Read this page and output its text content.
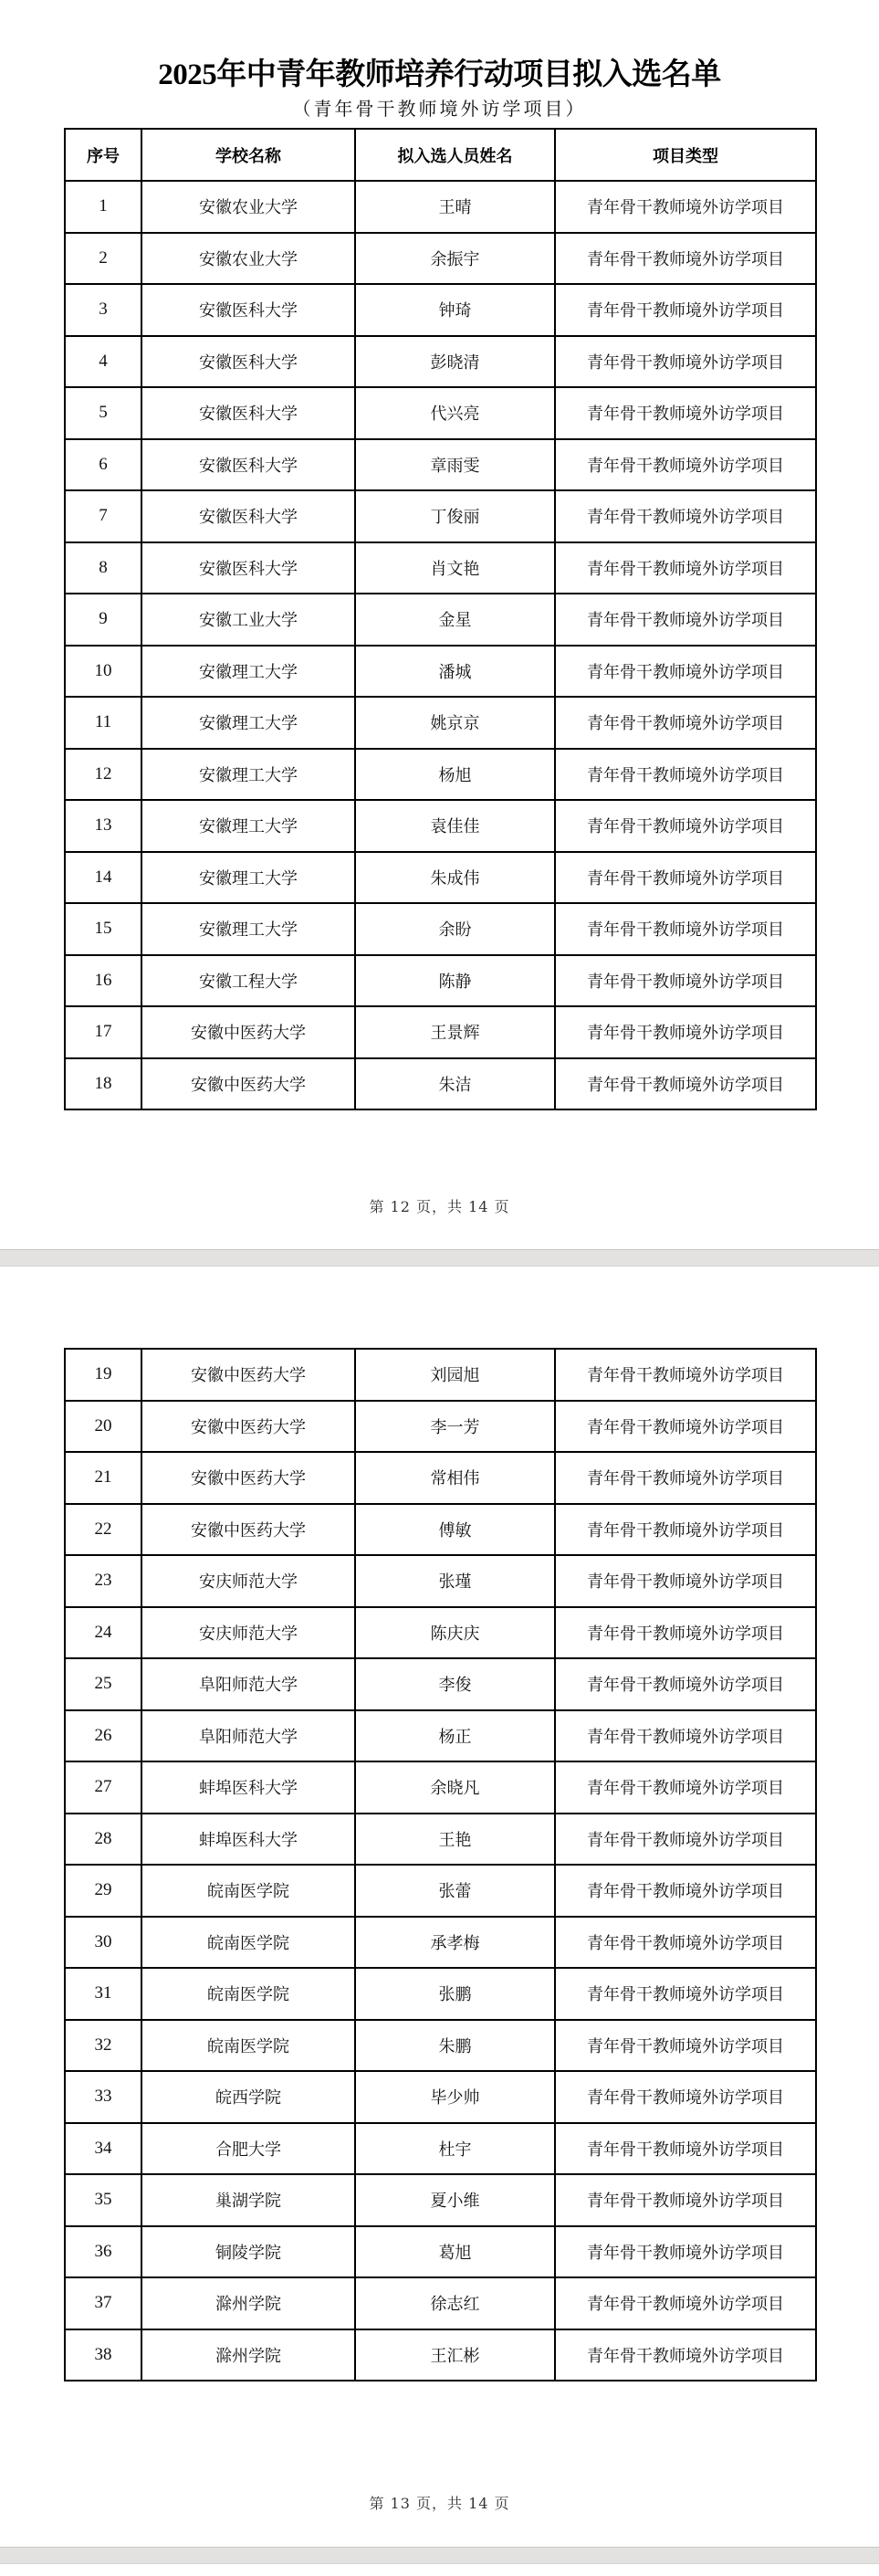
2025年中青年教师培养行动项目拟入选名单
（青年骨干教师境外访学项目）
序号	学校名称	拟入选人员姓名	项目类型
1	安徽农业大学	王晴	青年骨干教师境外访学项目
2	安徽农业大学	余振宇	青年骨干教师境外访学项目
3	安徽医科大学	钟琦	青年骨干教师境外访学项目
4	安徽医科大学	彭晓清	青年骨干教师境外访学项目
5	安徽医科大学	代兴亮	青年骨干教师境外访学项目
6	安徽医科大学	章雨雯	青年骨干教师境外访学项目
7	安徽医科大学	丁俊丽	青年骨干教师境外访学项目
8	安徽医科大学	肖文艳	青年骨干教师境外访学项目
9	安徽工业大学	金星	青年骨干教师境外访学项目
10	安徽理工大学	潘城	青年骨干教师境外访学项目
11	安徽理工大学	姚京京	青年骨干教师境外访学项目
12	安徽理工大学	杨旭	青年骨干教师境外访学项目
13	安徽理工大学	袁佳佳	青年骨干教师境外访学项目
14	安徽理工大学	朱成伟	青年骨干教师境外访学项目
15	安徽理工大学	余盼	青年骨干教师境外访学项目
16	安徽工程大学	陈静	青年骨干教师境外访学项目
17	安徽中医药大学	王景辉	青年骨干教师境外访学项目
18	安徽中医药大学	朱洁	青年骨干教师境外访学项目
第 12 页，共 14 页
19	安徽中医药大学	刘园旭	青年骨干教师境外访学项目
20	安徽中医药大学	李一芳	青年骨干教师境外访学项目
21	安徽中医药大学	常相伟	青年骨干教师境外访学项目
22	安徽中医药大学	傅敏	青年骨干教师境外访学项目
23	安庆师范大学	张瑾	青年骨干教师境外访学项目
24	安庆师范大学	陈庆庆	青年骨干教师境外访学项目
25	阜阳师范大学	李俊	青年骨干教师境外访学项目
26	阜阳师范大学	杨正	青年骨干教师境外访学项目
27	蚌埠医科大学	余晓凡	青年骨干教师境外访学项目
28	蚌埠医科大学	王艳	青年骨干教师境外访学项目
29	皖南医学院	张蕾	青年骨干教师境外访学项目
30	皖南医学院	承孝梅	青年骨干教师境外访学项目
31	皖南医学院	张鹏	青年骨干教师境外访学项目
32	皖南医学院	朱鹏	青年骨干教师境外访学项目
33	皖西学院	毕少帅	青年骨干教师境外访学项目
34	合肥大学	杜宇	青年骨干教师境外访学项目
35	巢湖学院	夏小维	青年骨干教师境外访学项目
36	铜陵学院	葛旭	青年骨干教师境外访学项目
37	滁州学院	徐志红	青年骨干教师境外访学项目
38	滁州学院	王汇彬	青年骨干教师境外访学项目
第 13 页，共 14 页
